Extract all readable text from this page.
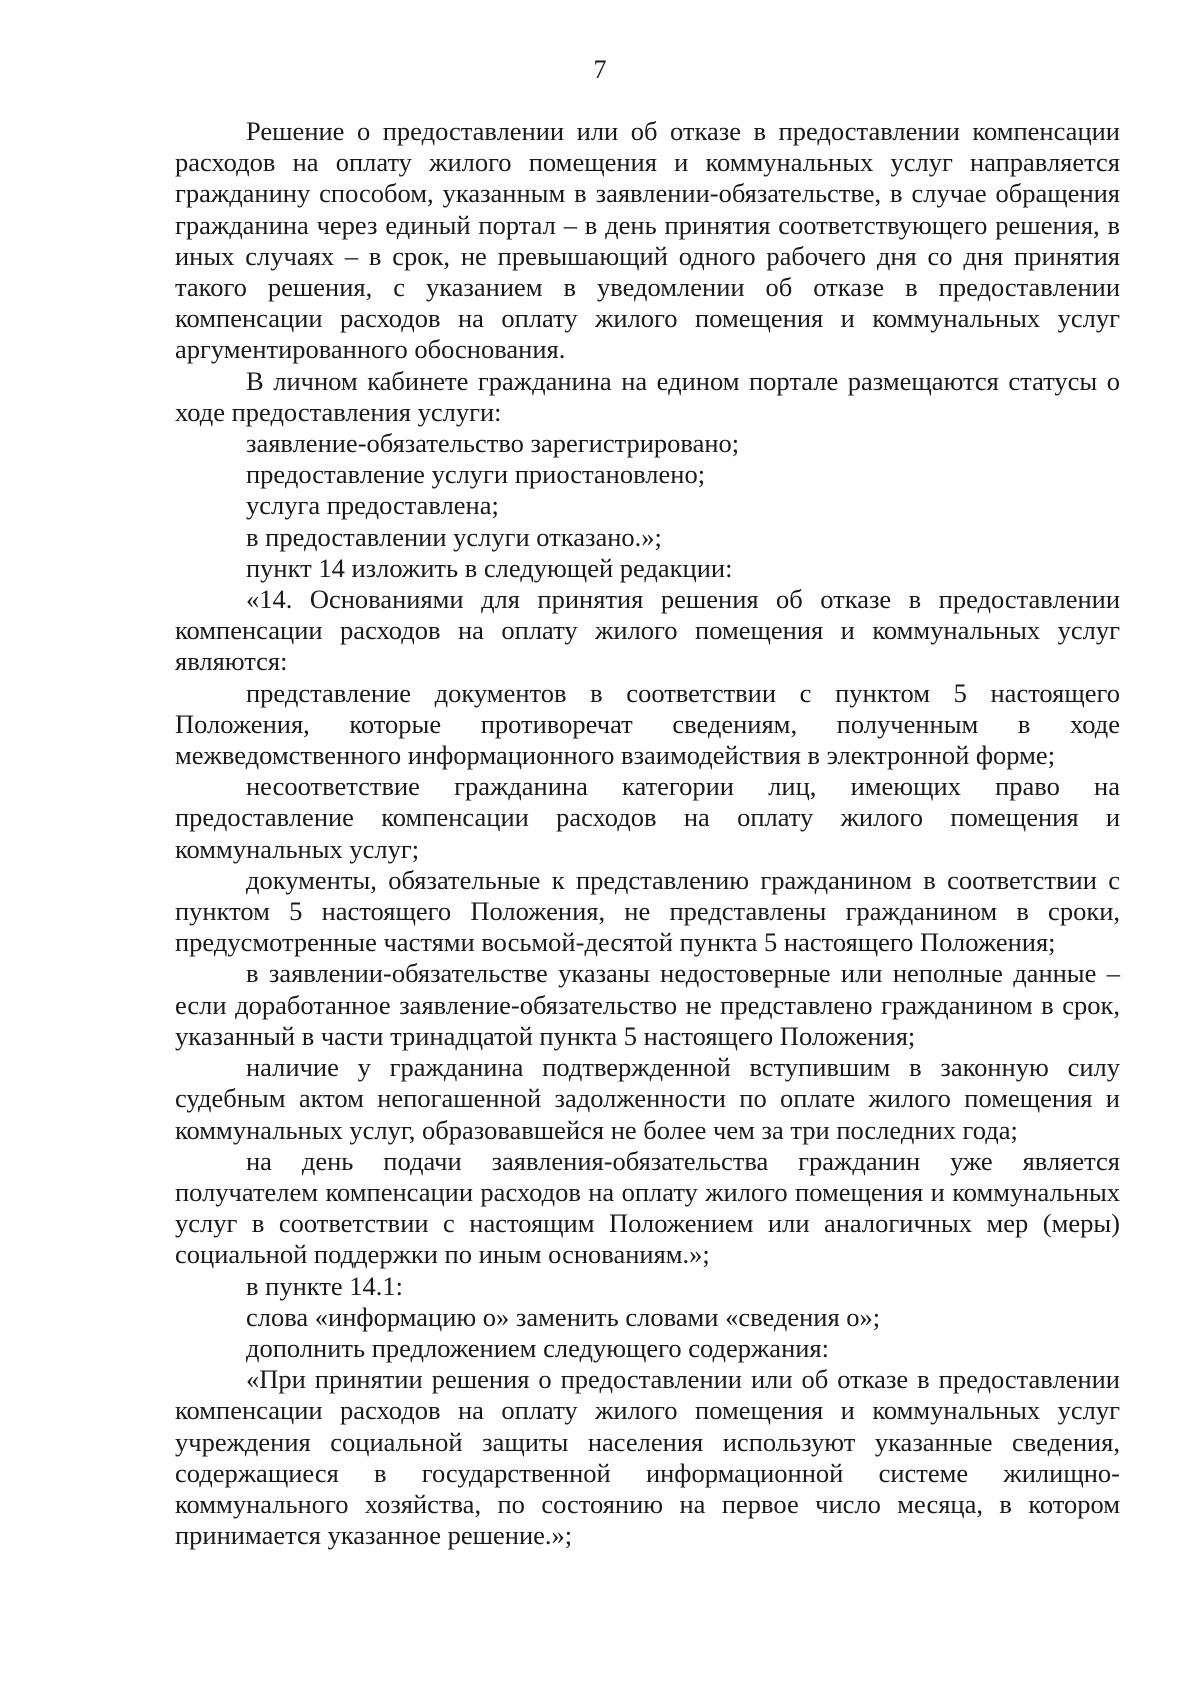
7

Решение о предоставлении или об отказе в предоставлении компенсации расходов на оплату жилого помещения и коммунальных услуг направляется гражданину способом, указанным в заявлении-обязательстве, в случае обращения гражданина через единый портал – в день принятия соответствующего решения, в иных случаях – в срок, не превышающий одного рабочего дня со дня принятия такого решения, с указанием в уведомлении об отказе в предоставлении компенсации расходов на оплату жилого помещения и коммунальных услуг аргументированного обоснования.

В личном кабинете гражданина на едином портале размещаются статусы о ходе предоставления услуги:

заявление-обязательство зарегистрировано;

предоставление услуги приостановлено;

услуга предоставлена;

в предоставлении услуги отказано.»;

пункт 14 изложить в следующей редакции:

«14. Основаниями для принятия решения об отказе в предоставлении компенсации расходов на оплату жилого помещения и коммунальных услуг являются:

представление документов в соответствии с пунктом 5 настоящего Положения, которые противоречат сведениям, полученным в ходе межведомственного информационного взаимодействия в электронной форме;

несоответствие гражданина категории лиц, имеющих право на предоставление компенсации расходов на оплату жилого помещения и коммунальных услуг;

документы, обязательные к представлению гражданином в соответствии с пунктом 5 настоящего Положения, не представлены гражданином в сроки, предусмотренные частями восьмой-десятой пункта 5 настоящего Положения;

в заявлении-обязательстве указаны недостоверные или неполные данные – если доработанное заявление-обязательство не представлено гражданином в срок, указанный в части тринадцатой пункта 5 настоящего Положения;

наличие у гражданина подтвержденной вступившим в законную силу судебным актом непогашенной задолженности по оплате жилого помещения и коммунальных услуг, образовавшейся не более чем за три последних года;

на день подачи заявления-обязательства гражданин уже является получателем компенсации расходов на оплату жилого помещения и коммунальных услуг в соответствии с настоящим Положением или аналогичных мер (меры) социальной поддержки по иным основаниям.»;

в пункте 14.1:

слова «информацию о» заменить словами «сведения о»;

дополнить предложением следующего содержания:

«При принятии решения о предоставлении или об отказе в предоставлении компенсации расходов на оплату жилого помещения и коммунальных услуг учреждения социальной защиты населения используют указанные сведения, содержащиеся в государственной информационной системе жилищно-коммунального хозяйства, по состоянию на первое число месяца, в котором принимается указанное решение.»;
